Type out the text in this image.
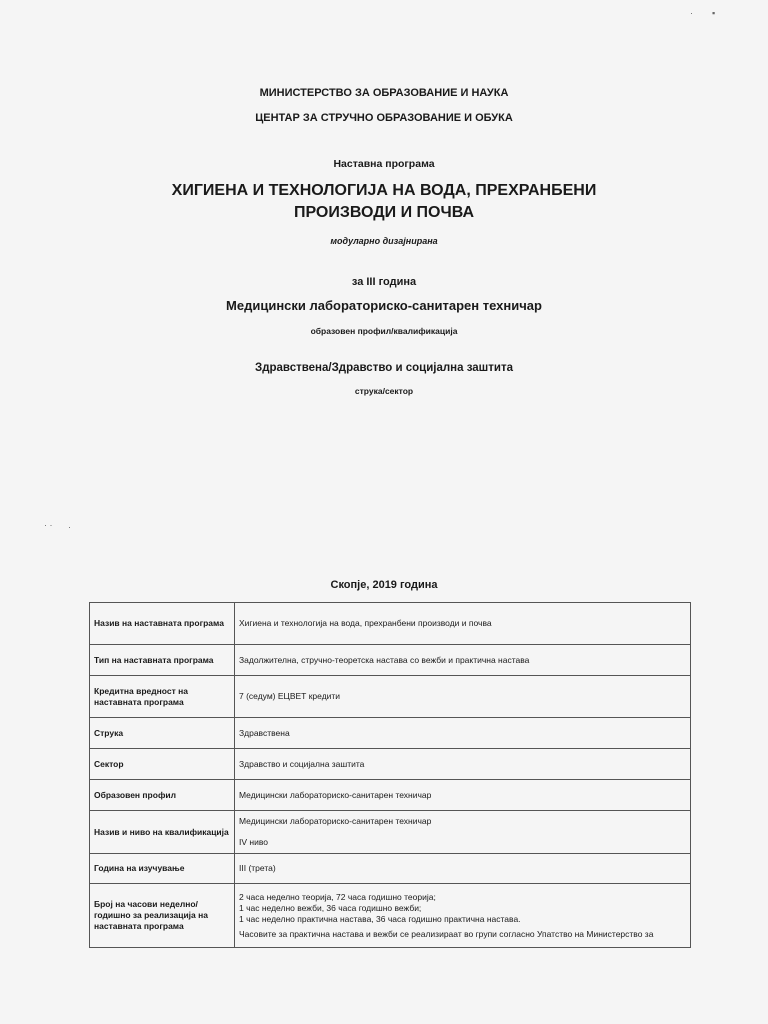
· ▪
· · ·
МИНИСТЕРСТВО ЗА ОБРАЗОВАНИЕ И НАУКА
ЦЕНТАР ЗА СТРУЧНО ОБРАЗОВАНИЕ И ОБУКА
Наставна програма
ХИГИЕНА И ТЕХНОЛОГИЈА НА ВОДА, ПРЕХРАНБЕНИ
ПРОИЗВОДИ И ПОЧВА
модуларно дизајнирана
за III година
Медицински лабораториско-санитарен техничар
образовен профил/квалификација
Здравствена/Здравство и социјална заштита
струка/сектор
Скопје, 2019 година
Назив на наставната програма	Хигиена и технологија на вода, прехранбени производи и почва
Тип на наставната програма	Задолжителна, стручно-теоретска настава со вежби и практична настава
Кредитна вредност на наставната програма	7 (седум) ЕЦВЕТ кредити
Струка	Здравствена
Сектор	Здравство и социјална заштита
Образовен профил	Медицински лабораториско-санитарен техничар
Назив и ниво на квалификација	Медицински лабораториско-санитарен техничар
IV ниво
Година на изучување	III (трета)
Број на часови неделно/годишно за реализација на наставната програма	2 часа неделно теорија, 72 часа годишно теорија;
1 час неделно вежби, 36 часа годишно вежби;
1 час неделно практична настава, 36 часа годишно практична настава.
Часовите за практична настава и вежби се реализираат во групи согласно Упатство на Министерство за
